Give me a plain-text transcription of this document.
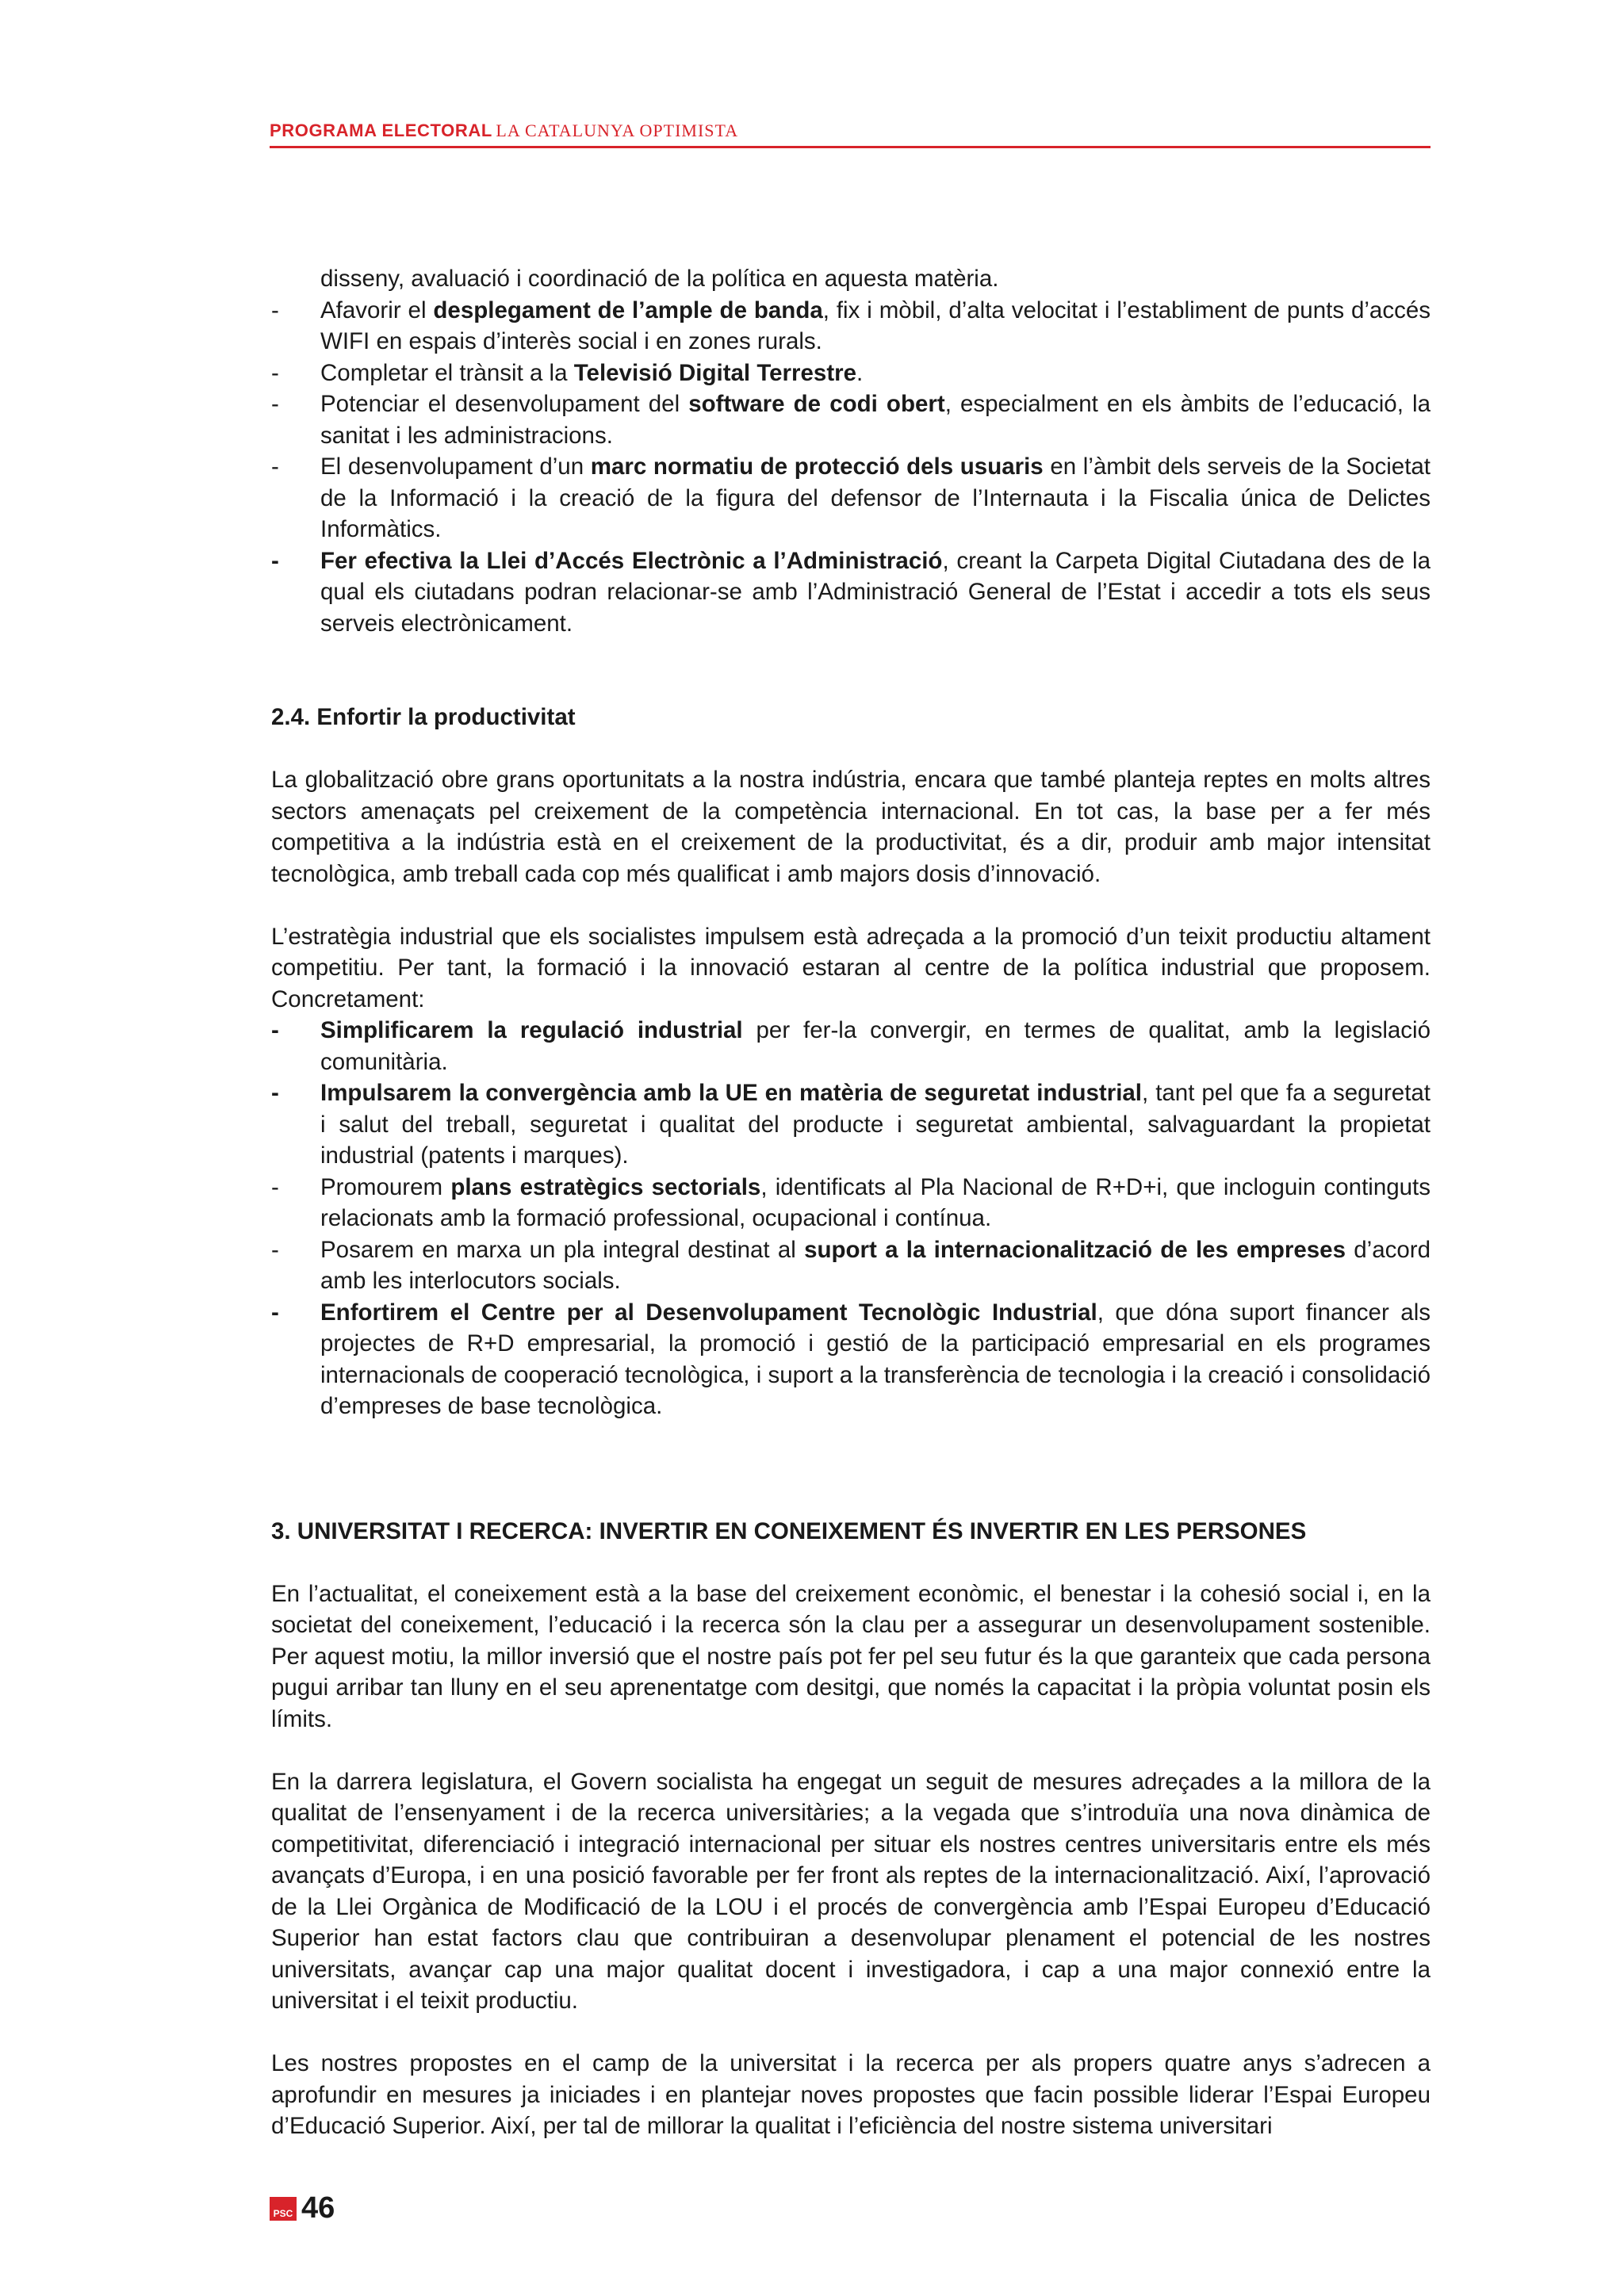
PROGRAMA ELECTORAL LA CATALUNYA OPTIMISTA

disseny, avaluació i coordinació de la política en aquesta matèria.

-	Afavorir el desplegament de l’ample de banda, fix i mòbil, d’alta velocitat i l’establiment de punts d’accés WIFI en espais d’interès social i en zones rurals.
-	Completar el trànsit a la Televisió Digital Terrestre.
-	Potenciar el desenvolupament del software de codi obert, especialment en els àmbits de l’educació, la sanitat i les administracions.
-	El desenvolupament d’un marc normatiu de protecció dels usuaris en l’àmbit dels serveis de la Societat de la Informació i la creació de la figura del defensor de l’Internauta i la Fiscalia única de Delictes Informàtics.
-	Fer efectiva la Llei d’Accés Electrònic a l’Administració, creant la Carpeta Digital Ciutadana des de la qual els ciutadans podran relacionar-se amb l’Administració General de l’Estat i accedir a tots els seus serveis electrònicament.
2.4. Enfortir la productivitat

La globalització obre grans oportunitats a la nostra indústria, encara que també planteja reptes en molts altres sectors amenaçats pel creixement de la competència internacional. En tot cas, la base per a fer més competitiva a la indústria està en el creixement de la productivitat, és a dir, produir amb major intensitat tecnològica, amb treball cada cop més qualificat i amb majors dosis d’innovació.

L’estratègia industrial que els socialistes impulsem està adreçada a la promoció d’un teixit productiu altament competitiu. Per tant, la formació i la innovació estaran al centre de la política industrial que proposem. Concretament:

-	Simplificarem la regulació industrial per fer-la convergir, en termes de qualitat, amb la legislació comunitària.
-	Impulsarem la convergència amb la UE en matèria de seguretat industrial, tant pel que fa a seguretat i salut del treball, seguretat i qualitat del producte i seguretat ambiental, salvaguardant la propietat industrial (patents i marques).
-	Promourem plans estratègics sectorials, identificats al Pla Nacional de R+D+i, que incloguin continguts relacionats amb la formació professional, ocupacional i contínua.
-	Posarem en marxa un pla integral destinat al suport a la internacionalització de les empreses d’acord amb les interlocutors socials.
-	Enfortirem el Centre per al Desenvolupament Tecnològic Industrial, que dóna suport financer als projectes de R+D empresarial, la promoció i gestió de la participació empresarial en els programes internacionals de cooperació tecnològica, i suport a la transferència de tecnologia i la creació i consolidació d’empreses de base tecnològica.
3. UNIVERSITAT I RECERCA: INVERTIR EN CONEIXEMENT ÉS INVERTIR EN LES PERSONES

En l’actualitat, el coneixement està a la base del creixement econòmic, el benestar i la cohesió social i, en la societat del coneixement, l’educació i la recerca són la clau per a assegurar un desenvolupament sostenible. Per aquest motiu, la millor inversió que el nostre país pot fer pel seu futur és la que garanteix que cada persona pugui arribar tan lluny en el seu aprenentatge com desitgi, que només la capacitat i la pròpia voluntat posin els límits.

En la darrera legislatura, el Govern socialista ha engegat un seguit de mesures adreçades a la millora de la qualitat de l’ensenyament i de la recerca universitàries; a la vegada que s’introduïa una nova dinàmica de competitivitat, diferenciació i integració internacional per situar els nostres centres universitaris entre els més avançats d’Europa, i en una posició favorable per fer front als reptes de la internacionalització. Així, l’aprovació de la Llei Orgànica de Modificació de la LOU i el procés de convergència amb l’Espai Europeu d’Educació Superior han estat factors clau que contribuiran a desenvolupar plenament el potencial de les nostres universitats, avançar cap una major qualitat docent i investigadora, i cap a una major connexió entre la universitat i el teixit productiu.

Les nostres propostes en el camp de la universitat i la recerca per als propers quatre anys s’adrecen a aprofundir en mesures ja iniciades i en plantejar noves propostes que facin possible liderar l’Espai Europeu d’Educació Superior. Així, per tal de millorar la qualitat i l’eficiència del nostre sistema universitari

PSC 46
